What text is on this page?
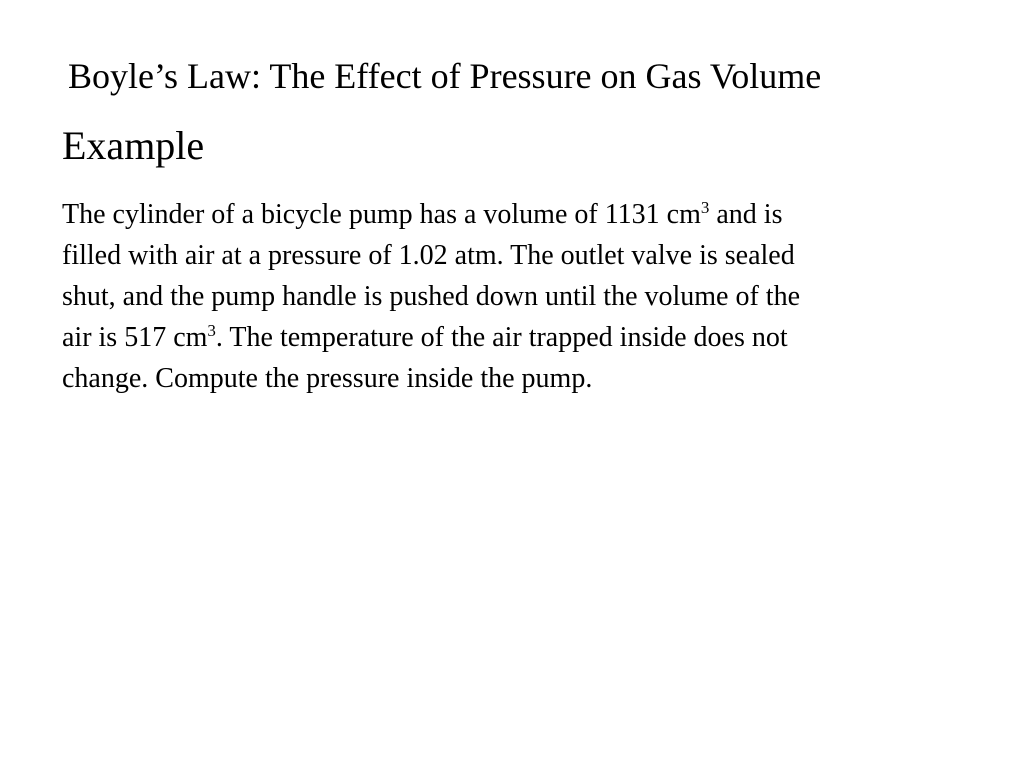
Boyle’s Law: The Effect of Pressure on Gas Volume
Example

The cylinder of a bicycle pump has a volume of 1131 $cm^3$ and is
filled with air at a pressure of 1.02 atm. The outlet valve is sealed
shut, and the pump handle is pushed down until the volume of the
air is 517 $cm^3$. The temperature of the air trapped inside does not
change. Compute the pressure inside the pump.
